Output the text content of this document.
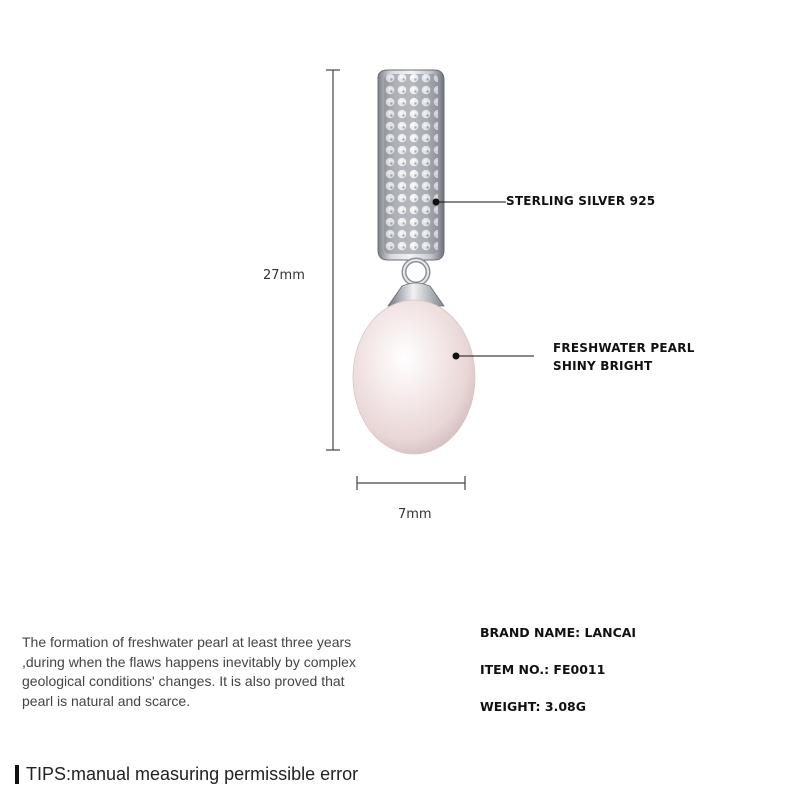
27mm
7mm
STERLING SILVER 925
FRESHWATER PEARL
SHINY BRIGHT
The formation of freshwater pearl at least three years ,during when the flaws happens inevitably by complex geological conditions' changes. It is also proved that pearl is natural and scarce.
BRAND NAME: LANCAI
ITEM NO.: FE0011
WEIGHT: 3.08G
TIPS:manual measuring permissible error
